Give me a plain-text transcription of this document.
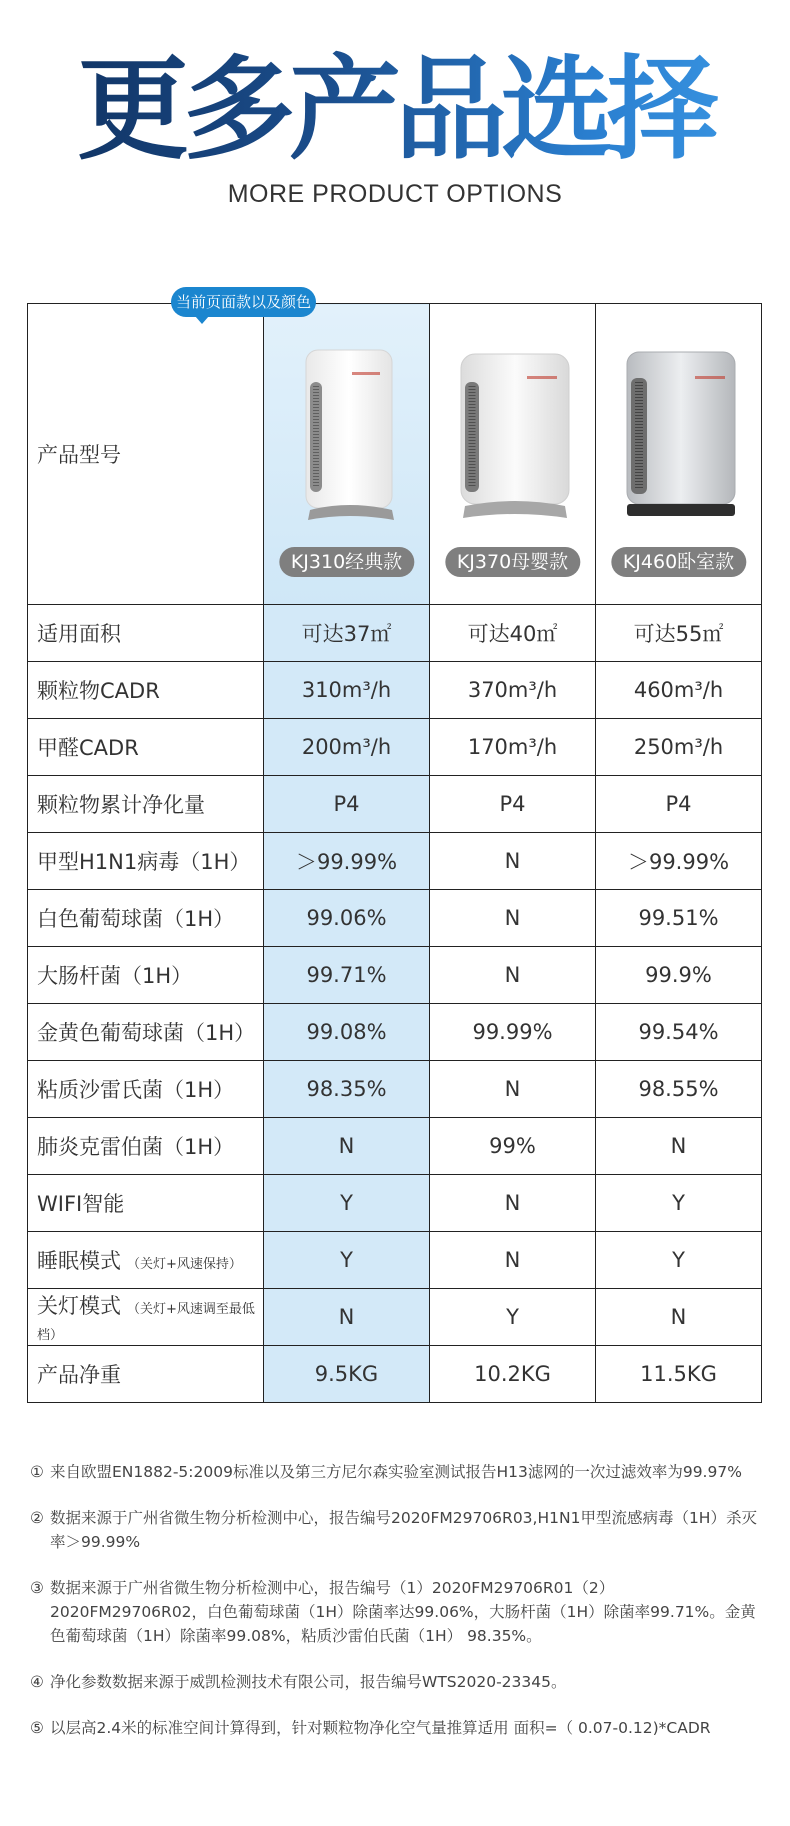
更多产品选择
MORE PRODUCT OPTIONS
产品型号	KJ310经典款	KJ370母婴款	KJ460卧室款

适用面积	可达37㎡	可达40㎡	可达55㎡
颗粒物CADR	310m³/h	370m³/h	460m³/h
甲醛CADR	200m³/h	170m³/h	250m³/h
颗粒物累计净化量	P4	P4	P4
甲型H1N1病毒（1H）	＞99.99%	N	＞99.99%
白色葡萄球菌（1H）	99.06%	N	99.51%
大肠杆菌（1H）	99.71%	N	99.9%
金黄色葡萄球菌（1H）	99.08%	99.99%	99.54%
粘质沙雷氏菌（1H）	98.35%	N	98.55%
肺炎克雷伯菌（1H）	N	99%	N
WIFI智能	Y	N	Y
睡眠模式 （关灯+风速保持）	Y	N	Y
关灯模式 （关灯+风速调至最低档）	N	Y	N
产品净重	9.5KG	10.2KG	11.5KG
当前页面款以及颜色
① 来自欧盟EN1882-5:2009标准以及第三方尼尔森实验室测试报告H13滤网的一次过滤效率为99.97%
② 数据来源于广州省微生物分析检测中心，报告编号2020FM29706R03,H1N1甲型流感病毒（1H）杀灭率＞99.99%
③ 数据来源于广州省微生物分析检测中心，报告编号（1）2020FM29706R01（2）2020FM29706R02，白色葡萄球菌（1H）除菌率达99.06%，大肠杆菌（1H）除菌率99.71%。金黄色葡萄球菌（1H）除菌率99.08%，粘质沙雷伯氏菌（1H） 98.35%。
④ 净化参数数据来源于威凯检测技术有限公司，报告编号WTS2020-23345。
⑤ 以层高2.4米的标准空间计算得到，针对颗粒物净化空气量推算适用 面积=（ 0.07-0.12)*CADR
